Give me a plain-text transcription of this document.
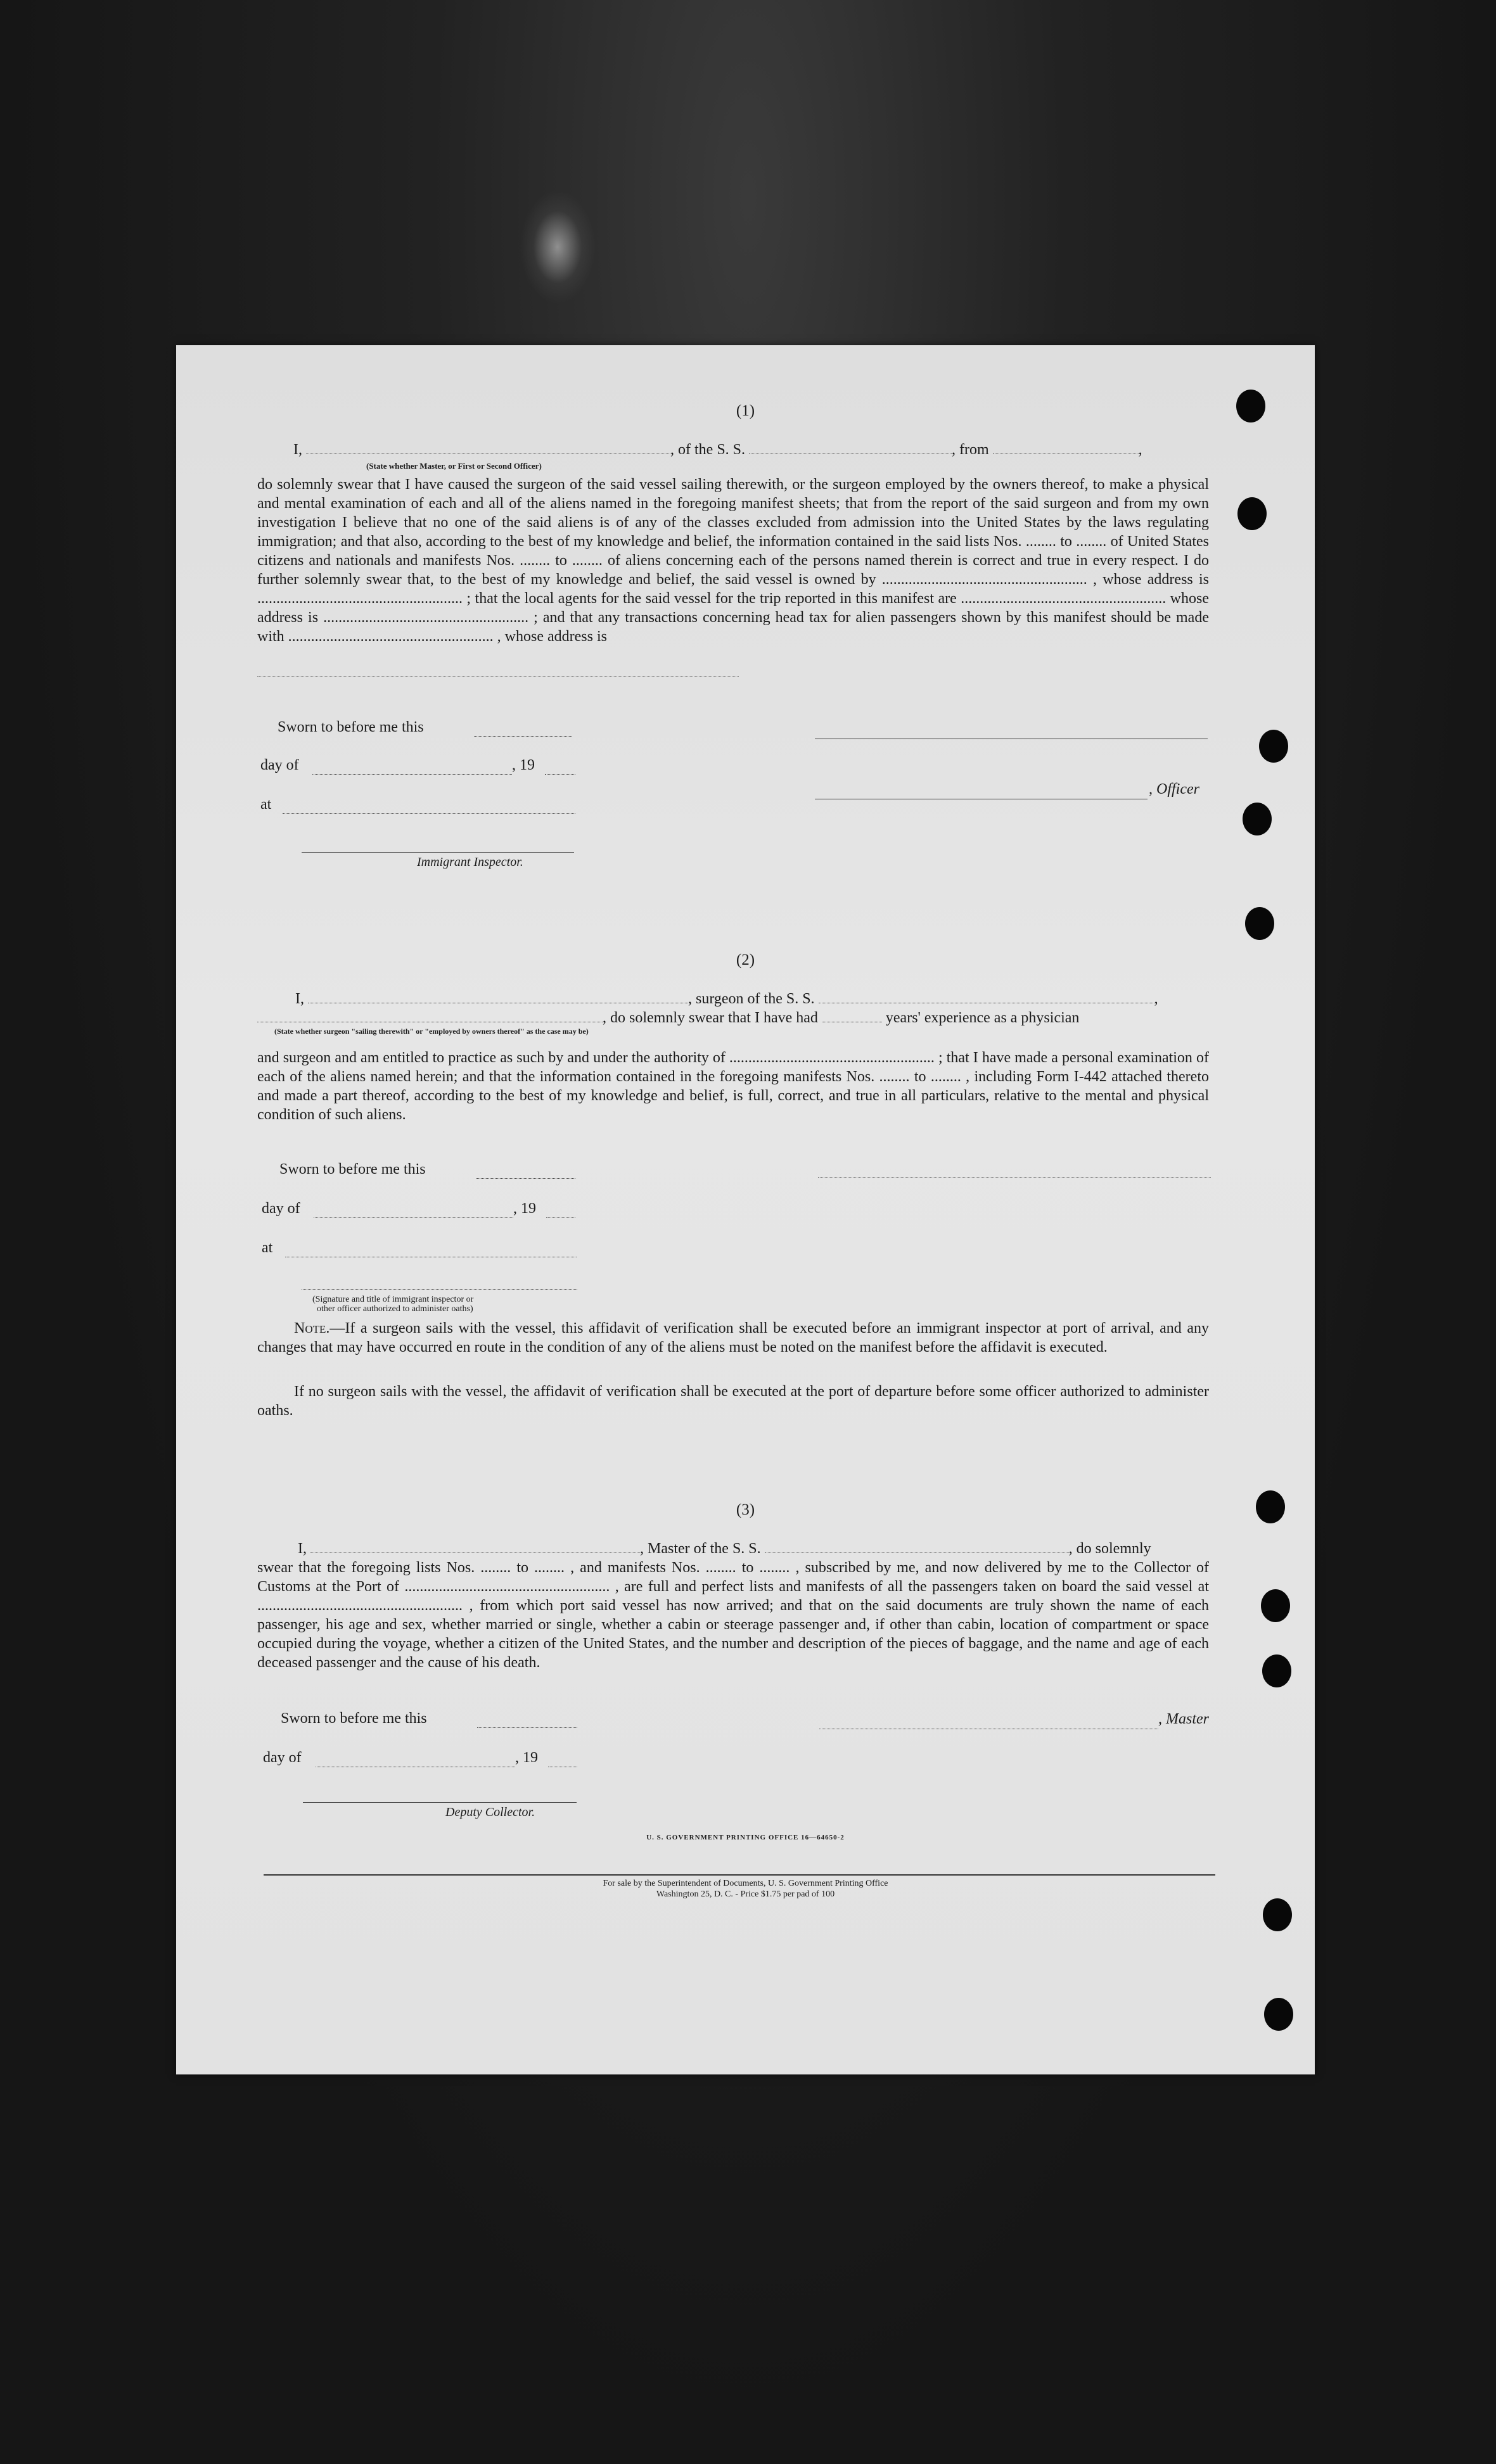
(1)
I,	, of the S. S.	, from	,
(State whether Master, or First or Second Officer)
do solemnly swear that I have caused the surgeon of the said vessel sailing therewith, or the surgeon employed by the owners thereof, to make a physical and mental examination of each and all of the aliens named in the foregoing manifest sheets; that from the report of the said surgeon and from my own investigation I believe that no one of the said aliens is of any of the classes excluded from admission into the United States by the laws regulating immigration; and that also, according to the best of my knowledge and belief, the information contained in the said lists Nos. ........ to ........ of United States citizens and nationals and manifests Nos. ........ to ........ of aliens concerning each of the persons named therein is correct and true in every respect. I do further solemnly swear that, to the best of my knowledge and belief, the said vessel is owned by ...................................................... , whose address is ...................................................... ; that the local agents for the said vessel for the trip reported in this manifest are ...................................................... whose address is ...................................................... ; and that any transactions concerning head tax for alien passengers shown by this manifest should be made with ...................................................... , whose address is
Sworn to before me this
day of	, 19
, Officer
at
Immigrant Inspector.
(2)
I,	, surgeon of the S. S.	,
, do solemnly swear that I have had	years' experience as a physician
(State whether surgeon "sailing therewith" or "employed by owners thereof" as the case may be)
and surgeon and am entitled to practice as such by and under the authority of ...................................................... ; that I have made a personal examination of each of the aliens named herein; and that the information contained in the foregoing manifests Nos. ........ to ........ , including Form I-442 attached thereto and made a part thereof, according to the best of my knowledge and belief, is full, correct, and true in all particulars, relative to the mental and physical condition of such aliens.
Sworn to before me this
day of	, 19
at
(Signature and title of immigrant inspector or
other officer authorized to administer oaths)
Note.—If a surgeon sails with the vessel, this affidavit of verification shall be executed before an immigrant inspector at port of arrival, and any changes that may have occurred en route in the condition of any of the aliens must be noted on the manifest before the affidavit is executed.
If no surgeon sails with the vessel, the affidavit of verification shall be executed at the port of departure before some officer authorized to administer oaths.
(3)
I,	, Master of the S. S.	, do solemnly
swear that the foregoing lists Nos. ........ to ........ , and manifests Nos. ........ to ........ , subscribed by me, and now delivered by me to the Collector of Customs at the Port of ...................................................... , are full and perfect lists and manifests of all the passengers taken on board the said vessel at ...................................................... , from which port said vessel has now arrived; and that on the said documents are truly shown the name of each passenger, his age and sex, whether married or single, whether a cabin or steerage passenger and, if other than cabin, location of compartment or space occupied during the voyage, whether a citizen of the United States, and the number and description of the pieces of baggage, and the name and age of each deceased passenger and the cause of his death.
Sworn to before me this	, Master
day of	, 19
Deputy Collector.
U. S. GOVERNMENT PRINTING OFFICE 16—64650-2
For sale by the Superintendent of Documents, U. S. Government Printing Office
Washington 25, D. C. - Price $1.75 per pad of 100
